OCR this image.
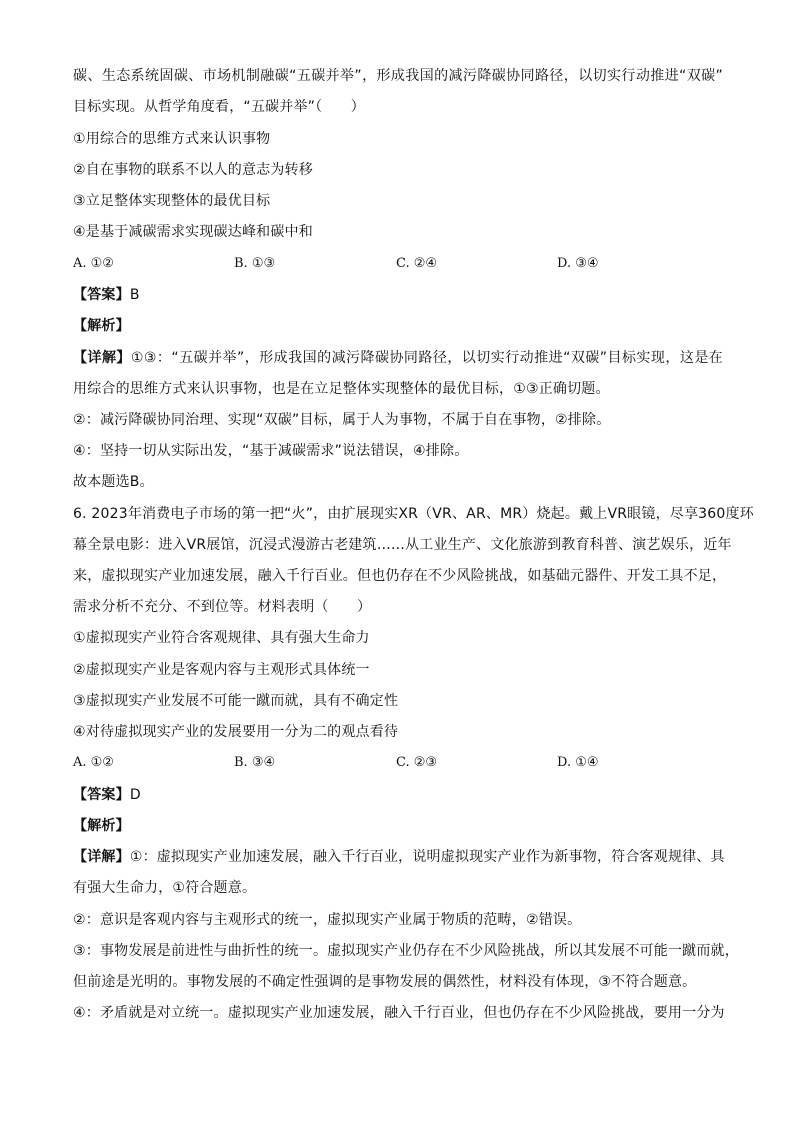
碳、生态系统固碳、市场机制融碳“五碳并举”，形成我国的减污降碳协同路径，以切实行动推进“双碳”
目标实现。从哲学角度看，“五碳并举”（　　）
①用综合的思维方式来认识事物
②自在事物的联系不以人的意志为转移
③立足整体实现整体的最优目标
④是基于减碳需求实现碳达峰和碳中和
A. ①②	B. ①③	C. ②④	D. ③④
【答案】B
【解析】
【详解】①③：“五碳并举”，形成我国的减污降碳协同路径，以切实行动推进“双碳”目标实现，这是在
用综合的思维方式来认识事物，也是在立足整体实现整体的最优目标，①③正确切题。
②：减污降碳协同治理、实现“双碳”目标，属于人为事物，不属于自在事物，②排除。
④：坚持一切从实际出发，“基于减碳需求”说法错误，④排除。
故本题选B。
6. 2023年消费电子市场的第一把“火”，由扩展现实XR（VR、AR、MR）烧起。戴上VR眼镜，尽享360度环
幕全景电影：进入VR展馆，沉浸式漫游古老建筑……从工业生产、文化旅游到教育科普、演艺娱乐，近年
来，虚拟现实产业加速发展，融入千行百业。但也仍存在不少风险挑战，如基础元器件、开发工具不足，
需求分析不充分、不到位等。材料表明（　　）
①虚拟现实产业符合客观规律、具有强大生命力
②虚拟现实产业是客观内容与主观形式具体统一
③虚拟现实产业发展不可能一蹴而就，具有不确定性
④对待虚拟现实产业的发展要用一分为二的观点看待
A. ①②	B. ③④	C. ②③	D. ①④
【答案】D
【解析】
【详解】①：虚拟现实产业加速发展，融入千行百业，说明虚拟现实产业作为新事物，符合客观规律、具
有强大生命力，①符合题意。
②：意识是客观内容与主观形式的统一，虚拟现实产业属于物质的范畴，②错误。
③：事物发展是前进性与曲折性的统一。虚拟现实产业仍存在不少风险挑战，所以其发展不可能一蹴而就，
但前途是光明的。事物发展的不确定性强调的是事物发展的偶然性，材料没有体现，③不符合题意。
④：矛盾就是对立统一。虚拟现实产业加速发展，融入千行百业，但也仍存在不少风险挑战，要用一分为
